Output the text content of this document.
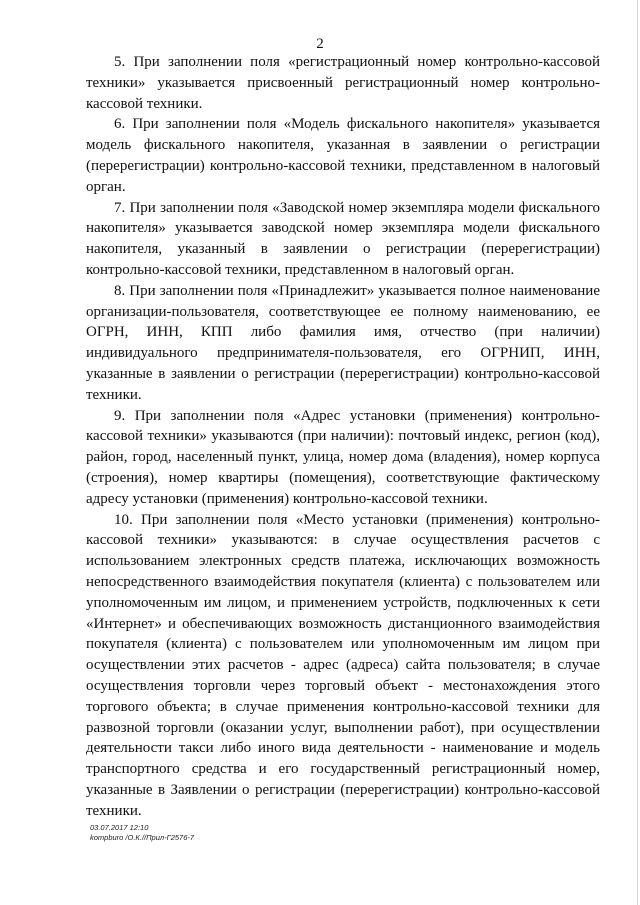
2

5. При заполнении поля «регистрационный номер контрольно-кассовой техники» указывается присвоенный регистрационный номер контрольно-кассовой техники.

6. При заполнении поля «Модель фискального накопителя» указывается модель фискального накопителя, указанная в заявлении о регистрации (перерегистрации) контрольно-кассовой техники, представленном в налоговый орган.

7. При заполнении поля «Заводской номер экземпляра модели фискального накопителя» указывается заводской номер экземпляра модели фискального накопителя, указанный в заявлении о регистрации (перерегистрации) контрольно-кассовой техники, представленном в налоговый орган.

8. При заполнении поля «Принадлежит» указывается полное наименование организации-пользователя, соответствующее ее полному наименованию, ее ОГРН, ИНН, КПП либо фамилия имя, отчество (при наличии) индивидуального предпринимателя-пользователя, его ОГРНИП, ИНН, указанные в заявлении о регистрации (перерегистрации) контрольно-кассовой техники.

9. При заполнении поля «Адрес установки (применения) контрольно-кассовой техники» указываются (при наличии): почтовый индекс, регион (код), район, город, населенный пункт, улица, номер дома (владения), номер корпуса (строения), номер квартиры (помещения), соответствующие фактическому адресу установки (применения) контрольно-кассовой техники.

10. При заполнении поля «Место установки (применения) контрольно-кассовой техники» указываются: в случае осуществления расчетов с использованием электронных средств платежа, исключающих возможность непосредственного взаимодействия покупателя (клиента) с пользователем или уполномоченным им лицом, и применением устройств, подключенных к сети «Интернет» и обеспечивающих возможность дистанционного взаимодействия покупателя (клиента) с пользователем или уполномоченным им лицом при осуществлении этих расчетов - адрес (адреса) сайта пользователя; в случае осуществления торговли через торговый объект - местонахождения этого торгового объекта; в случае применения контрольно-кассовой техники для развозной торговли (оказании услуг, выполнении работ), при осуществлении деятельности такси либо иного вида деятельности - наименование и модель транспортного средства и его государственный регистрационный номер, указанные в Заявлении о регистрации (перерегистрации) контрольно-кассовой техники.

03.07.2017 12:10
kompburo /О.К.//Прил-Г2576-7
